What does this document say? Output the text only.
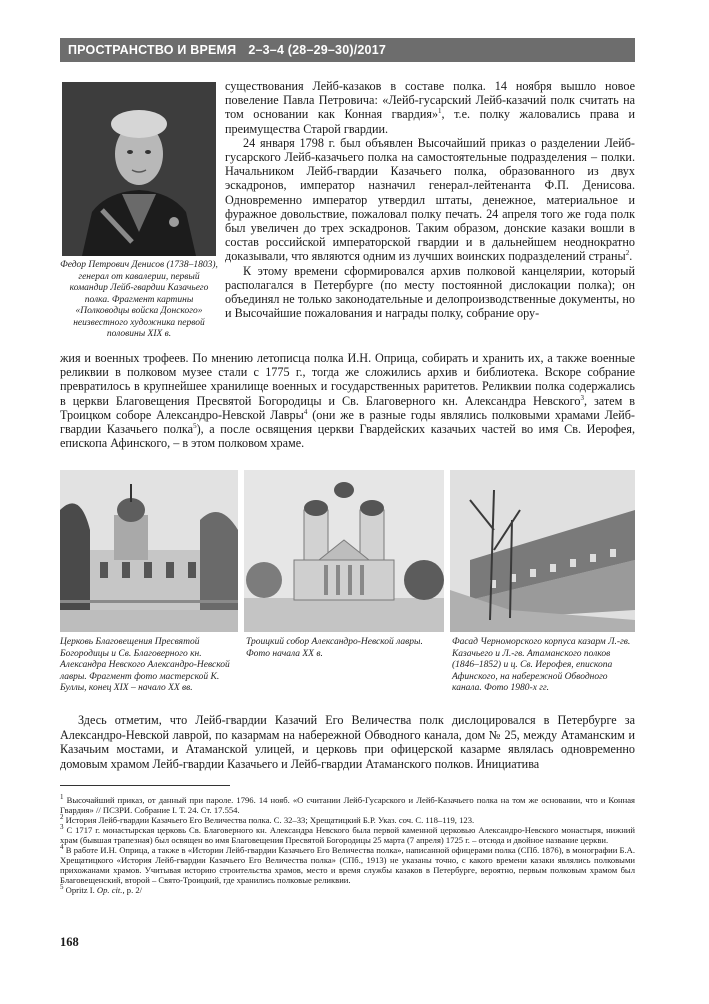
ПРОСТРАНСТВО И ВРЕМЯ 2–3–4 (28–29–30)/2017
Федор Петрович Денисов (1738–1803), генерал от кавалерии, первый командир Лейб-гвардии Казачьего полка. Фрагмент картины «Полководцы войска Донского» неизвестного художника первой половины XIX в.

существования Лейб-казаков в составе полка. 14 ноября вышло новое повеление Павла Петровича: «Лейб-гусарский Лейб-казачий полк считать на том основании как Конная гвардия»$^1$, т.е. полку жаловались права и преимущества Старой гвардии.

24 января 1798 г. был объявлен Высочайший приказ о разделении Лейб-гусарского Лейб-казачьего полка на самостоятельные подразделения – полки. Начальником Лейб-гвардии Казачьего полка, образованного из двух эскадронов, император назначил генерал-лейтенанта Ф.П. Денисова. Одновременно император утвердил штаты, денежное, материальное и фуражное довольствие, пожаловал полку печать. 24 апреля того же года полк был увеличен до трех эскадронов. Таким образом, донские казаки вошли в состав российской императорской гвардии и в дальнейшем неоднократно доказывали, что являются одним из лучших воинских подразделений страны$^2$.

К этому времени сформировался архив полковой канцелярии, который располагался в Петербурге (по месту постоянной дислокации полка); он объединял не только законодательные и делопроизводственные документы, но и Высочайшие пожалования и награды полку, собрание ору-

жия и военных трофеев. По мнению летописца полка И.Н. Оприца, собирать и хранить их, а также военные реликвии в полковом музее стали с 1775 г., тогда же сложились архив и библиотека. Вскоре собрание превратилось в крупнейшее хранилище военных и государственных раритетов. Реликвии полка содержались в церкви Благовещения Пресвятой Богородицы и Св. Благоверного кн. Александра Невского$^3$, затем в Троицком соборе Александро-Невской Лавры$^4$ (они же в разные годы являлись полковыми храмами Лейб-гвардии Казачьего полка$^5$), а после освящения церкви Гвардейских казачьих частей во имя Св. Иерофея, епископа Афинского, – в этом полковом храме.
Церковь Благовещения Пресвятой Богородицы и Св. Благоверного кн. Александра Невского Александро-Невской лавры. Фрагмент фото мастерской К. Буллы, конец XIX – начало XX вв.
Троицкий собор Александро-Невской лавры. Фото начала XX в.
Фасад Черноморского корпуса казарм Л.-гв. Казачьего и Л.-гв. Атаманского полков (1846–1852) и ц. Св. Иерофея, епископа Афинского, на набережной Обводного канала. Фото 1980-х гг.
Здесь отметим, что Лейб-гвардии Казачий Его Величества полк дислоцировался в Петербурге за Александро-Невской лаврой, по казармам на набережной Обводного канала, дом № 25, между Атаманским и Казачьим мостами, и Атаманской улицей, и церковь при офицерской казарме являлась одновременно домовым храмом Лейб-гвардии Казачьего и Лейб-гвардии Атаманского полков. Инициатива

$^1$ Высочайший приказ, от данный при пароле. 1796. 14 нояб. «О считании Лейб-Гусарского и Лейб-Казачьего полка на том же основании, что и Конная Гвардия» // ПСЗРИ. Собрание I. Т. 24. Ст. 17.554.

$^2$ История Лейб-гвардии Казачьего Его Величества полка. С. 32–33; Хрещатицкий Б.Р. Указ. соч. С. 118–119, 123.

$^3$ С 1717 г. монастырская церковь Св. Благоверного кн. Александра Невского была первой каменной церковью Александро-Невского монастыря, нижний храм (бывшая трапезная) был освящен во имя Благовещения Пресвятой Богородицы 25 марта (7 апреля) 1725 г. – отсюда и двойное название церкви.

$^4$ В работе И.Н. Оприца, а также в «Истории Лейб-гвардии Казачьего Его Величества полка», написанной офицерами полка (СПб. 1876), в монографии Б.А. Хрещатицкого «История Лейб-гвардии Казачьего Его Величества полка» (СПб., 1913) не указаны точно, с какого времени казаки являлись полковыми прихожанами храмов. Учитывая историю строительства храмов, место и время службы казаков в Петербурге, вероятно, первым полковым храмом был Благовещенский, второй – Свято-Троицкий, где хранились полковые реликвии.

$^5$ Opritz I. Op. cit., p. 2/

168
